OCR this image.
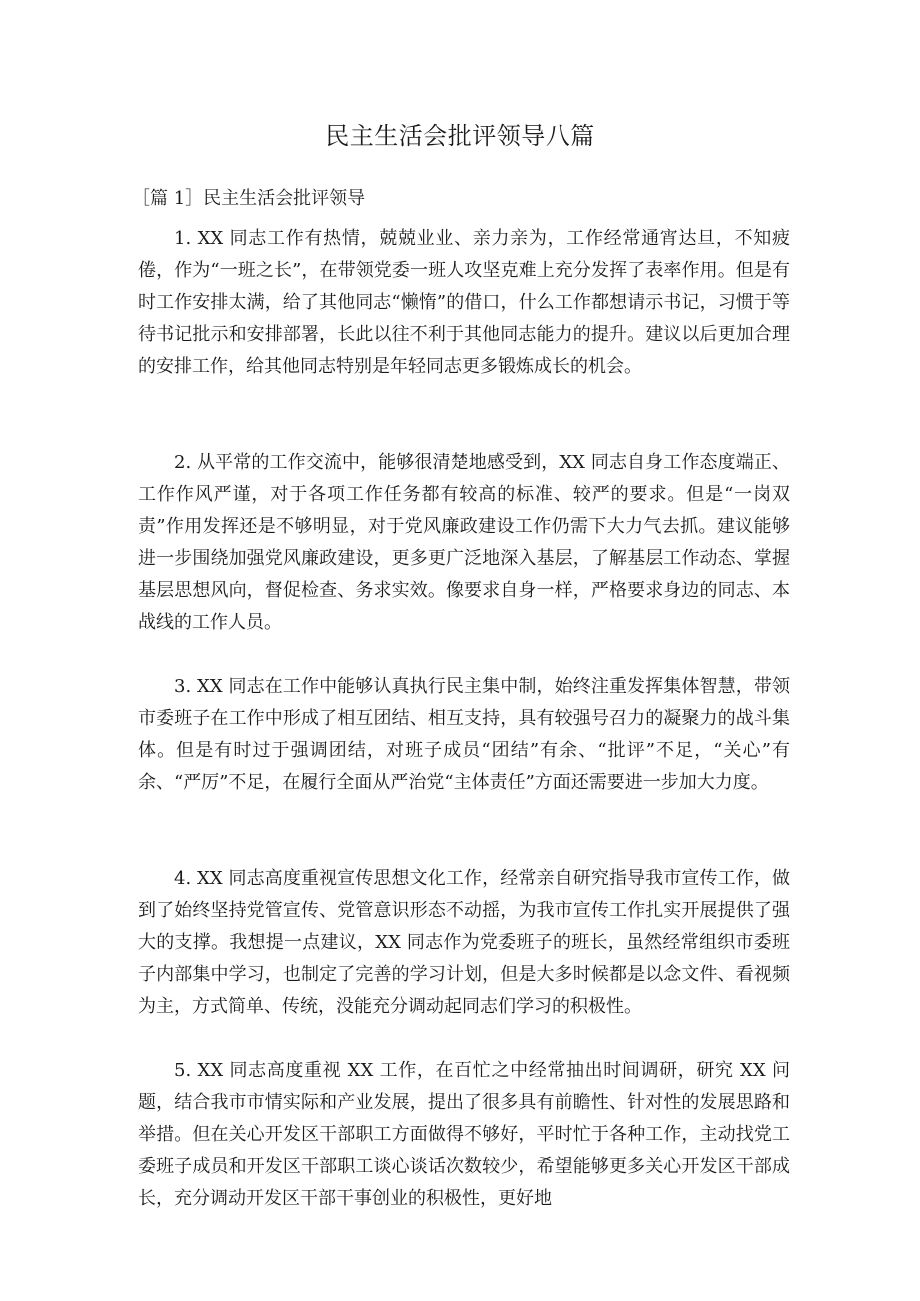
民主生活会批评领导八篇
［篇 1］民主生活会批评领导

1. XX 同志工作有热情，兢兢业业、亲力亲为，工作经常通宵达旦，不知疲倦，作为“一班之长”，在带领党委一班人攻坚克难上充分发挥了表率作用。但是有时工作安排太满，给了其他同志“懒惰”的借口，什么工作都想请示书记，习惯于等待书记批示和安排部署，长此以往不利于其他同志能力的提升。建议以后更加合理的安排工作，给其他同志特别是年轻同志更多锻炼成长的机会。

2. 从平常的工作交流中，能够很清楚地感受到，XX 同志自身工作态度端正、工作作风严谨，对于各项工作任务都有较高的标准、较严的要求。但是“一岗双责”作用发挥还是不够明显，对于党风廉政建设工作仍需下大力气去抓。建议能够进一步围绕加强党风廉政建设，更多更广泛地深入基层，了解基层工作动态、掌握基层思想风向，督促检查、务求实效。像要求自身一样，严格要求身边的同志、本战线的工作人员。

3. XX 同志在工作中能够认真执行民主集中制，始终注重发挥集体智慧，带领市委班子在工作中形成了相互团结、相互支持，具有较强号召力的凝聚力的战斗集体。但是有时过于强调团结，对班子成员“团结”有余、“批评”不足，“关心”有余、“严厉”不足，在履行全面从严治党“主体责任”方面还需要进一步加大力度。

4. XX 同志高度重视宣传思想文化工作，经常亲自研究指导我市宣传工作，做到了始终坚持党管宣传、党管意识形态不动摇，为我市宣传工作扎实开展提供了强大的支撑。我想提一点建议，XX 同志作为党委班子的班长，虽然经常组织市委班子内部集中学习，也制定了完善的学习计划，但是大多时候都是以念文件、看视频为主，方式简单、传统，没能充分调动起同志们学习的积极性。

5. XX 同志高度重视 XX 工作，在百忙之中经常抽出时间调研，研究 XX 问题，结合我市市情实际和产业发展，提出了很多具有前瞻性、针对性的发展思路和举措。但在关心开发区干部职工方面做得不够好，平时忙于各种工作，主动找党工委班子成员和开发区干部职工谈心谈话次数较少，希望能够更多关心开发区干部成长，充分调动开发区干部干事创业的积极性，更好地
